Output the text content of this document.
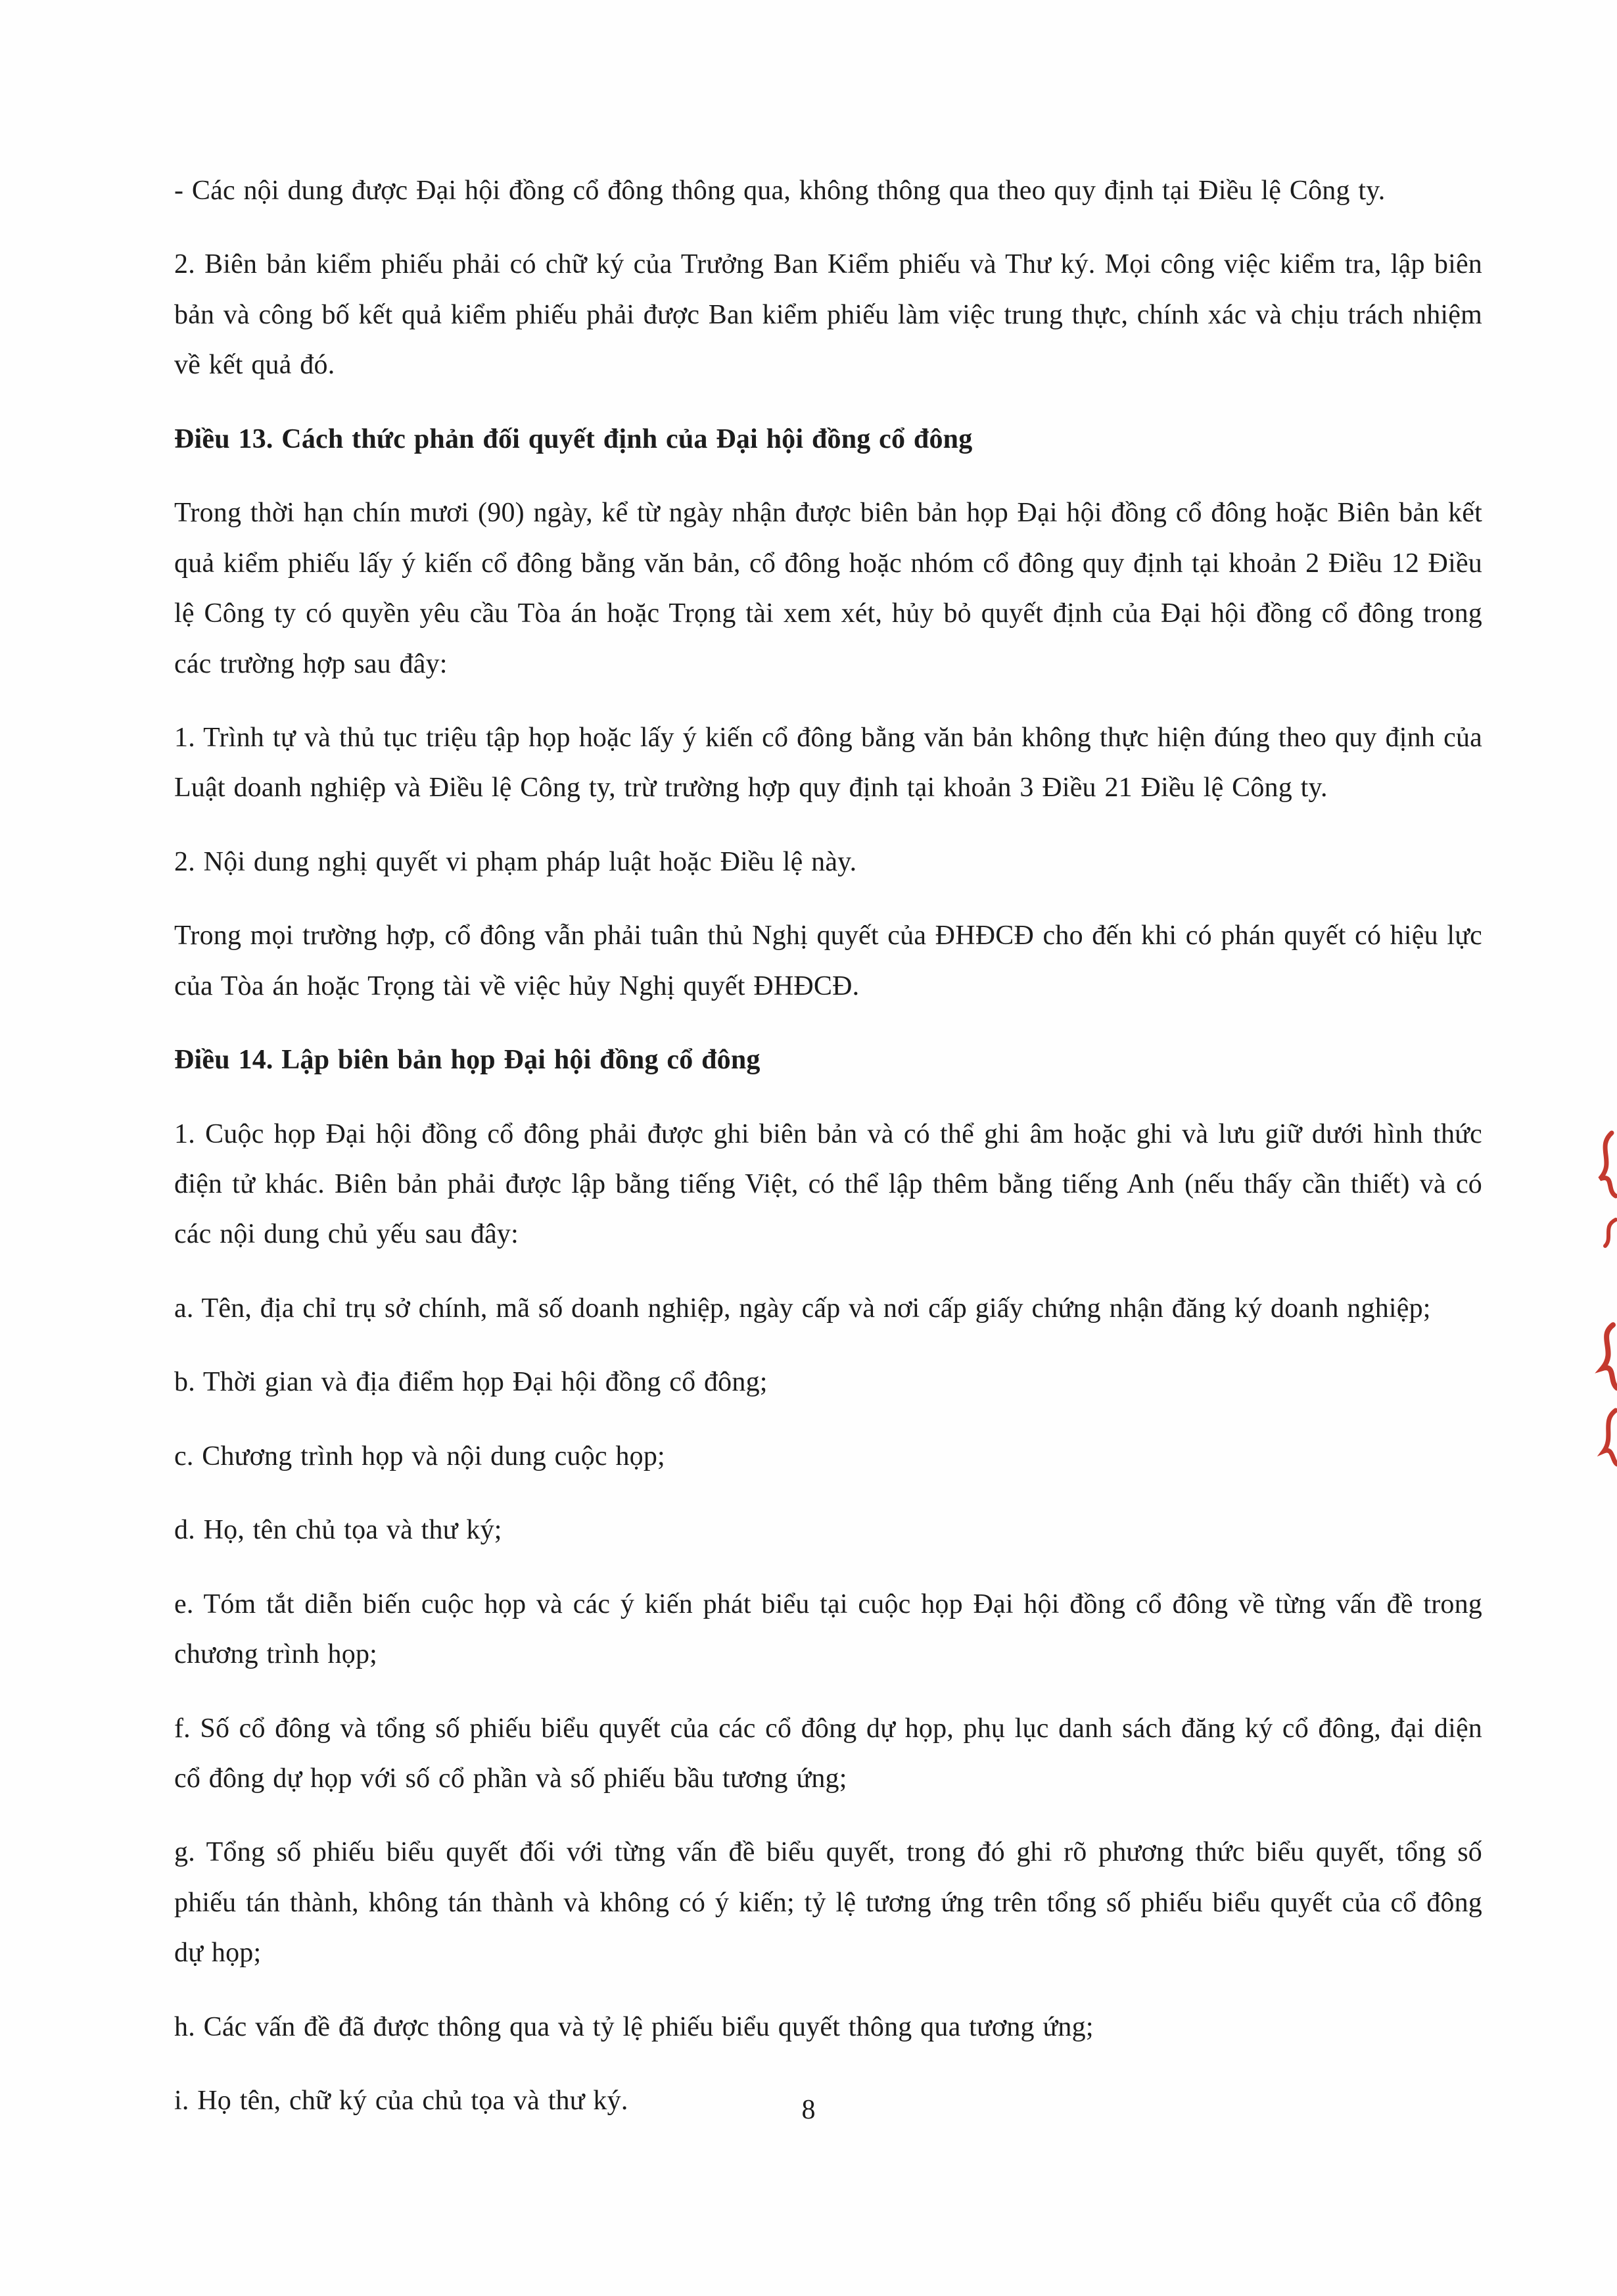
- Các nội dung được Đại hội đồng cổ đông thông qua, không thông qua theo quy định tại Điều lệ Công ty.

2. Biên bản kiểm phiếu phải có chữ ký của Trưởng Ban Kiểm phiếu và Thư ký. Mọi công việc kiểm tra, lập biên bản và công bố kết quả kiểm phiếu phải được Ban kiểm phiếu làm việc trung thực, chính xác và chịu trách nhiệm về kết quả đó.

Điều 13. Cách thức phản đối quyết định của Đại hội đồng cổ đông

Trong thời hạn chín mươi (90) ngày, kể từ ngày nhận được biên bản họp Đại hội đồng cổ đông hoặc Biên bản kết quả kiểm phiếu lấy ý kiến cổ đông bằng văn bản, cổ đông hoặc nhóm cổ đông quy định tại khoản 2 Điều 12 Điều lệ Công ty có quyền yêu cầu Tòa án hoặc Trọng tài xem xét, hủy bỏ quyết định của Đại hội đồng cổ đông trong các trường hợp sau đây:

1. Trình tự và thủ tục triệu tập họp hoặc lấy ý kiến cổ đông bằng văn bản không thực hiện đúng theo quy định của Luật doanh nghiệp và Điều lệ Công ty, trừ trường hợp quy định tại khoản 3 Điều 21 Điều lệ Công ty.

2. Nội dung nghị quyết vi phạm pháp luật hoặc Điều lệ này.

Trong mọi trường hợp, cổ đông vẫn phải tuân thủ Nghị quyết của ĐHĐCĐ cho đến khi có phán quyết có hiệu lực của Tòa án hoặc Trọng tài về việc hủy Nghị quyết ĐHĐCĐ.

Điều 14. Lập biên bản họp Đại hội đồng cổ đông

1. Cuộc họp Đại hội đồng cổ đông phải được ghi biên bản và có thể ghi âm hoặc ghi và lưu giữ dưới hình thức điện tử khác. Biên bản phải được lập bằng tiếng Việt, có thể lập thêm bằng tiếng Anh (nếu thấy cần thiết) và có các nội dung chủ yếu sau đây:

a. Tên, địa chỉ trụ sở chính, mã số doanh nghiệp, ngày cấp và nơi cấp giấy chứng nhận đăng ký doanh nghiệp;

b. Thời gian và địa điểm họp Đại hội đồng cổ đông;

c. Chương trình họp và nội dung cuộc họp;

d. Họ, tên chủ tọa và thư ký;

e. Tóm tắt diễn biến cuộc họp và các ý kiến phát biểu tại cuộc họp Đại hội đồng cổ đông về từng vấn đề trong chương trình họp;

f. Số cổ đông và tổng số phiếu biểu quyết của các cổ đông dự họp, phụ lục danh sách đăng ký cổ đông, đại diện cổ đông dự họp với số cổ phần và số phiếu bầu tương ứng;

g. Tổng số phiếu biểu quyết đối với từng vấn đề biểu quyết, trong đó ghi rõ phương thức biểu quyết, tổng số phiếu tán thành, không tán thành và không có ý kiến; tỷ lệ tương ứng trên tổng số phiếu biểu quyết của cổ đông dự họp;

h. Các vấn đề đã được thông qua và tỷ lệ phiếu biểu quyết thông qua tương ứng;

i. Họ tên, chữ ký của chủ tọa và thư ký.	8
